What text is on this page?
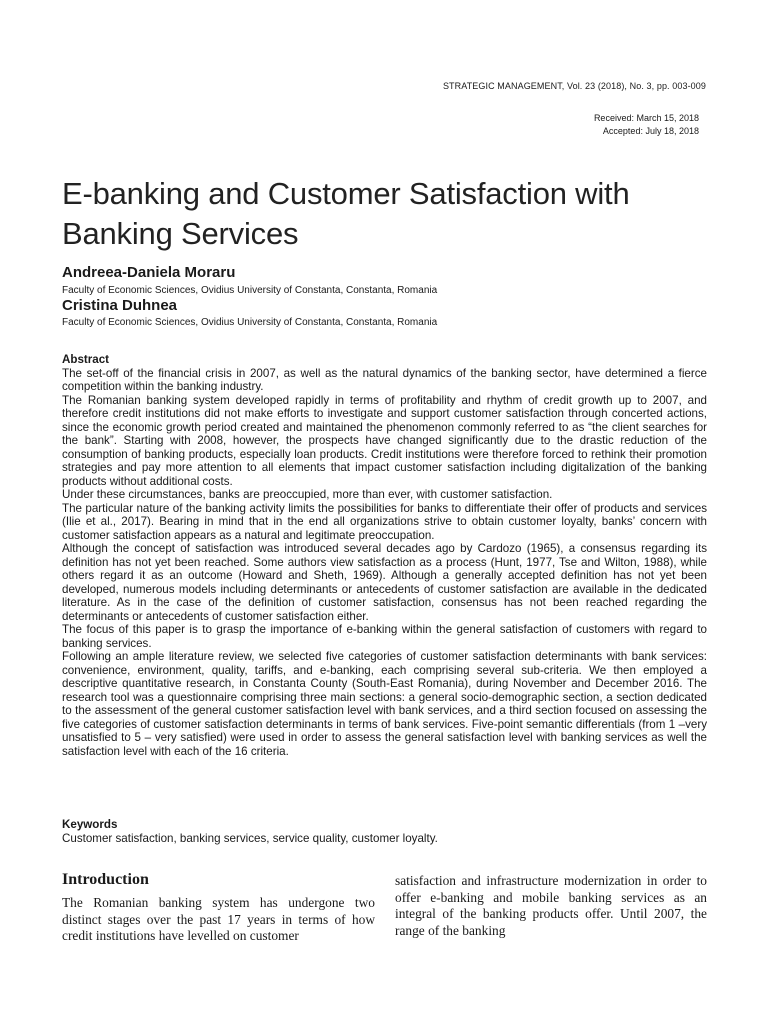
STRATEGIC MANAGEMENT, Vol. 23 (2018), No. 3, pp. 003-009
Received: March 15, 2018
Accepted: July 18, 2018
E-banking and Customer Satisfaction with Banking Services

Andreea-Daniela Moraru

Faculty of Economic Sciences, Ovidius University of Constanta, Constanta, Romania

Cristina Duhnea

Faculty of Economic Sciences, Ovidius University of Constanta, Constanta, Romania

Abstract

The set-off of the financial crisis in 2007, as well as the natural dynamics of the banking sector, have determined a fierce competition within the banking industry.

The Romanian banking system developed rapidly in terms of profitability and rhythm of credit growth up to 2007, and therefore credit institutions did not make efforts to investigate and support customer satisfaction through concerted actions, since the economic growth period created and maintained the phenomenon commonly referred to as “the client searches for the bank”. Starting with 2008, however, the prospects have changed significantly due to the drastic reduction of the consumption of banking products, especially loan products. Credit institutions were therefore forced to rethink their promotion strategies and pay more attention to all elements that impact customer satisfaction including digitalization of the banking products without additional costs.

Under these circumstances, banks are preoccupied, more than ever, with customer satisfaction.

The particular nature of the banking activity limits the possibilities for banks to differentiate their offer of products and services (Ilie et al., 2017). Bearing in mind that in the end all organizations strive to obtain customer loyalty, banks’ concern with customer satisfaction appears as a natural and legitimate preoccupation.

Although the concept of satisfaction was introduced several decades ago by Cardozo (1965), a consensus regarding its definition has not yet been reached. Some authors view satisfaction as a process (Hunt, 1977, Tse and Wilton, 1988), while others regard it as an outcome (Howard and Sheth, 1969). Although a generally accepted definition has not yet been developed, numerous models including determinants or antecedents of customer satisfaction are available in the dedicated literature. As in the case of the definition of customer satisfaction, consensus has not been reached regarding the determinants or antecedents of customer satisfaction either.

The focus of this paper is to grasp the importance of e-banking within the general satisfaction of customers with regard to banking services.

Following an ample literature review, we selected five categories of customer satisfaction determinants with bank services: convenience, environment, quality, tariffs, and e-banking, each comprising several sub-criteria. We then employed a descriptive quantitative research, in Constanta County (South-East Romania), during November and December 2016. The research tool was a questionnaire comprising three main sections: a general socio-demographic section, a section dedicated to the assessment of the general customer satisfaction level with bank services, and a third section focused on assessing the five categories of customer satisfaction determinants in terms of bank services. Five-point semantic differentials (from 1 –very unsatisfied to 5 – very satisfied) were used in order to assess the general satisfaction level with banking services as well the satisfaction level with each of the 16 criteria.

Keywords
Customer satisfaction, banking services, service quality, customer loyalty.
Introduction

The Romanian banking system has undergone two distinct stages over the past 17 years in terms of how credit institutions have levelled on customer

satisfaction and infrastructure modernization in order to offer e-banking and mobile banking services as an integral of the banking products offer. Until 2007, the range of the banking
